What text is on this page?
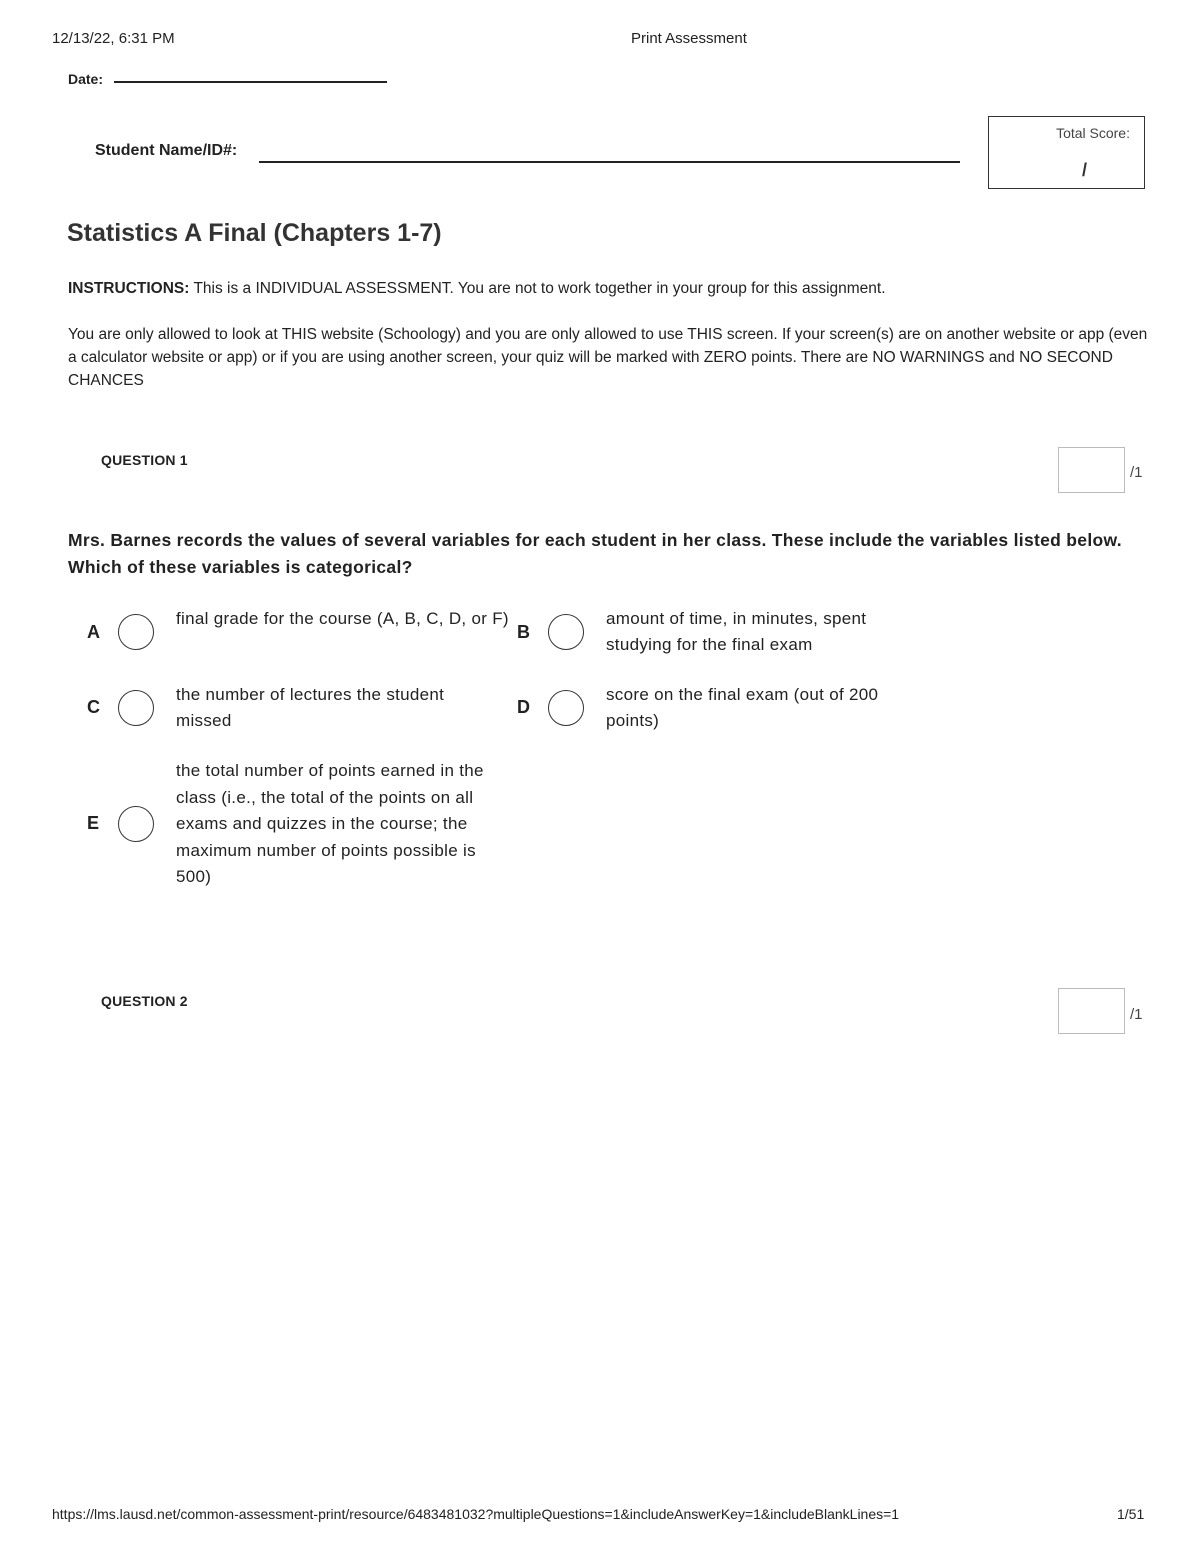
12/13/22, 6:31 PM	Print Assessment
Date:
Student Name/ID#:
Total Score:
/
Statistics A Final (Chapters 1-7)
INSTRUCTIONS: This is a INDIVIDUAL ASSESSMENT. You are not to work together in your group for this assignment.
You are only allowed to look at THIS website (Schoology) and you are only allowed to use THIS screen. If your screen(s) are on another website or app (even a calculator website or app) or if you are using another screen, your quiz will be marked with ZERO points. There are NO WARNINGS and NO SECOND CHANCES
QUESTION 1
/1
Mrs. Barnes records the values of several variables for each student in her class. These include the variables listed below. Which of these variables is categorical?
A
final grade for the course (A, B, C, D, or F)
B
amount of time, in minutes, spent studying for the final exam
C
the number of lectures the student missed
D
score on the final exam (out of 200 points)
E
the total number of points earned in the class (i.e., the total of the points on all exams and quizzes in the course; the maximum number of points possible is 500)
QUESTION 2
/1
https://lms.lausd.net/common-assessment-print/resource/6483481032?multipleQuestions=1&includeAnswerKey=1&includeBlankLines=1	1/51
